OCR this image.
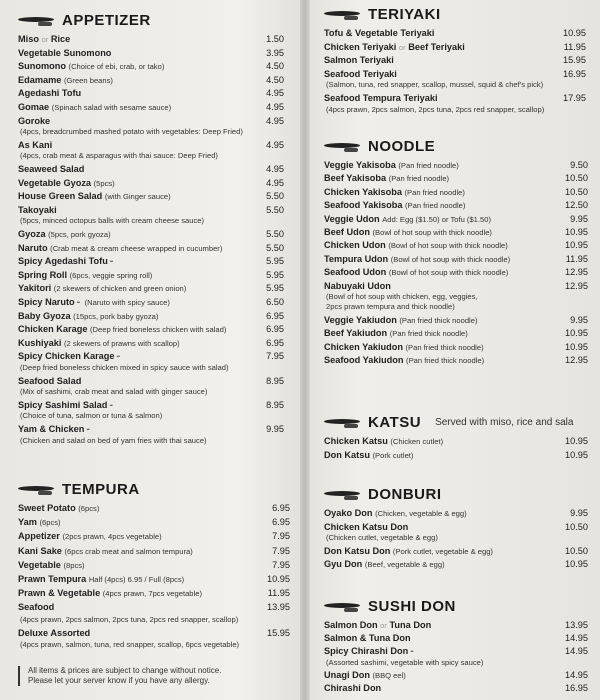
APPETIZER
Miso or Rice	1.50
Vegetable Sunomono	3.95
Sunomono (Choice of ebi, crab, or tako)	4.50
Edamame (Green beans)	4.50
Agedashi Tofu	4.95
Gomae (Spinach salad with sesame sauce)	4.95
Goroke	4.95
(4pcs, breadcrumbed mashed potato with vegetables: Deep Fried)
As Kani	4.95
(4pcs, crab meat & asparagus with thai sauce: Deep Fried)
Seaweed Salad	4.95
Vegetable Gyoza (5pcs)	4.95
House Green Salad (with Ginger sauce)	5.50
Takoyaki	5.50
(5pcs, minced octopus balls with cream cheese sauce)
Gyoza (5pcs, pork gyoza)	5.50
Naruto (Crab meat & cream cheese wrapped in cucumber)	5.50
Spicy Agedashi Tofu ╴	5.95
Spring Roll (6pcs, veggie spring roll)	5.95
Yakitori (2 skewers of chicken and green onion)	5.95
Spicy Naruto ╴ (Naruto with spicy sauce)	6.50
Baby Gyoza (15pcs, pork baby gyoza)	6.95
Chicken Karage (Deep fried boneless chicken with salad)	6.95
Kushiyaki (2 skewers of prawns with scallop)	6.95
Spicy Chicken Karage ╴	7.95
(Deep fried boneless chicken mixed in spicy sauce with salad)
Seafood Salad	8.95
(Mix of sashimi, crab meat and salad with ginger sauce)
Spicy Sashimi Salad ╴	8.95
(Choice of tuna, salmon or tuna & salmon)
Yam & Chicken ╴	9.95
(Chicken and salad on bed of yam fries with thai sauce)
TEMPURA
Sweet Potato (6pcs)	6.95
Yam (6pcs)	6.95
Appetizer (2pcs prawn, 4pcs vegetable)	7.95
Kani Sake (6pcs crab meat and salmon tempura)	7.95
Vegetable (8pcs)	7.95
Prawn Tempura Half (4pcs) 6.95 / Full (8pcs)	10.95
Prawn & Vegetable (4pcs prawn, 7pcs vegetable)	11.95
Seafood	13.95
(4pcs prawn, 2pcs salmon, 2pcs tuna, 2pcs red snapper, scallop)
Deluxe Assorted	15.95
(4pcs prawn, salmon, tuna, red snapper, scallop, 6pcs vegetable)
TERIYAKI
Tofu & Vegetable Teriyaki	10.95
Chicken Teriyaki or Beef Teriyaki	11.95
Salmon Teriyaki	15.95
Seafood Teriyaki	16.95
(Salmon, tuna, red snapper, scallop, mussel, squid & chef's pick)
Seafood Tempura Teriyaki	17.95
(4pcs prawn, 2pcs salmon, 2pcs tuna, 2pcs red snapper, scallop)
NOODLE
Veggie Yakisoba (Pan fried noodle)	9.50
Beef Yakisoba (Pan fried noodle)	10.50
Chicken Yakisoba (Pan fried noodle)	10.50
Seafood Yakisoba (Pan fried noodle)	12.50
Veggie Udon Add: Egg ($1.50) or Tofu ($1.50)	9.95
Beef Udon (Bowl of hot soup with thick noodle)	10.95
Chicken Udon (Bowl of hot soup with thick noodle)	10.95
Tempura Udon (Bowl of hot soup with thick noodle)	11.95
Seafood Udon (Bowl of hot soup with thick noodle)	12.95
Nabuyaki Udon	12.95
(Bowl of hot soup with chicken, egg, veggies,
2pcs prawn tempura and thick noodle)
Veggie Yakiudon (Pan fried thick noodle)	9.95
Beef Yakiudon (Pan fried thick noodle)	10.95
Chicken Yakiudon (Pan fried thick noodle)	10.95
Seafood Yakiudon (Pan fried thick noodle)	12.95
KATSU Served with miso, rice and sala
Chicken Katsu (Chicken cutlet)	10.95
Don Katsu (Pork cutlet)	10.95
DONBURI
Oyako Don (Chicken, vegetable & egg)	9.95
Chicken Katsu Don	10.50
(Chicken cutlet, vegetable & egg)
Don Katsu Don (Pork cutlet, vegetable & egg)	10.50
Gyu Don (Beef, vegetable & egg)	10.95
SUSHI DON
Salmon Don or Tuna Don	13.95
Salmon & Tuna Don	14.95
Spicy Chirashi Don ╴	14.95
(Assorted sashimi, vegetable with spicy sauce)
Unagi Don (BBQ eel)	14.95
Chirashi Don	16.95
All items & prices are subject to change without notice.
Please let your server know if you have any allergy.
